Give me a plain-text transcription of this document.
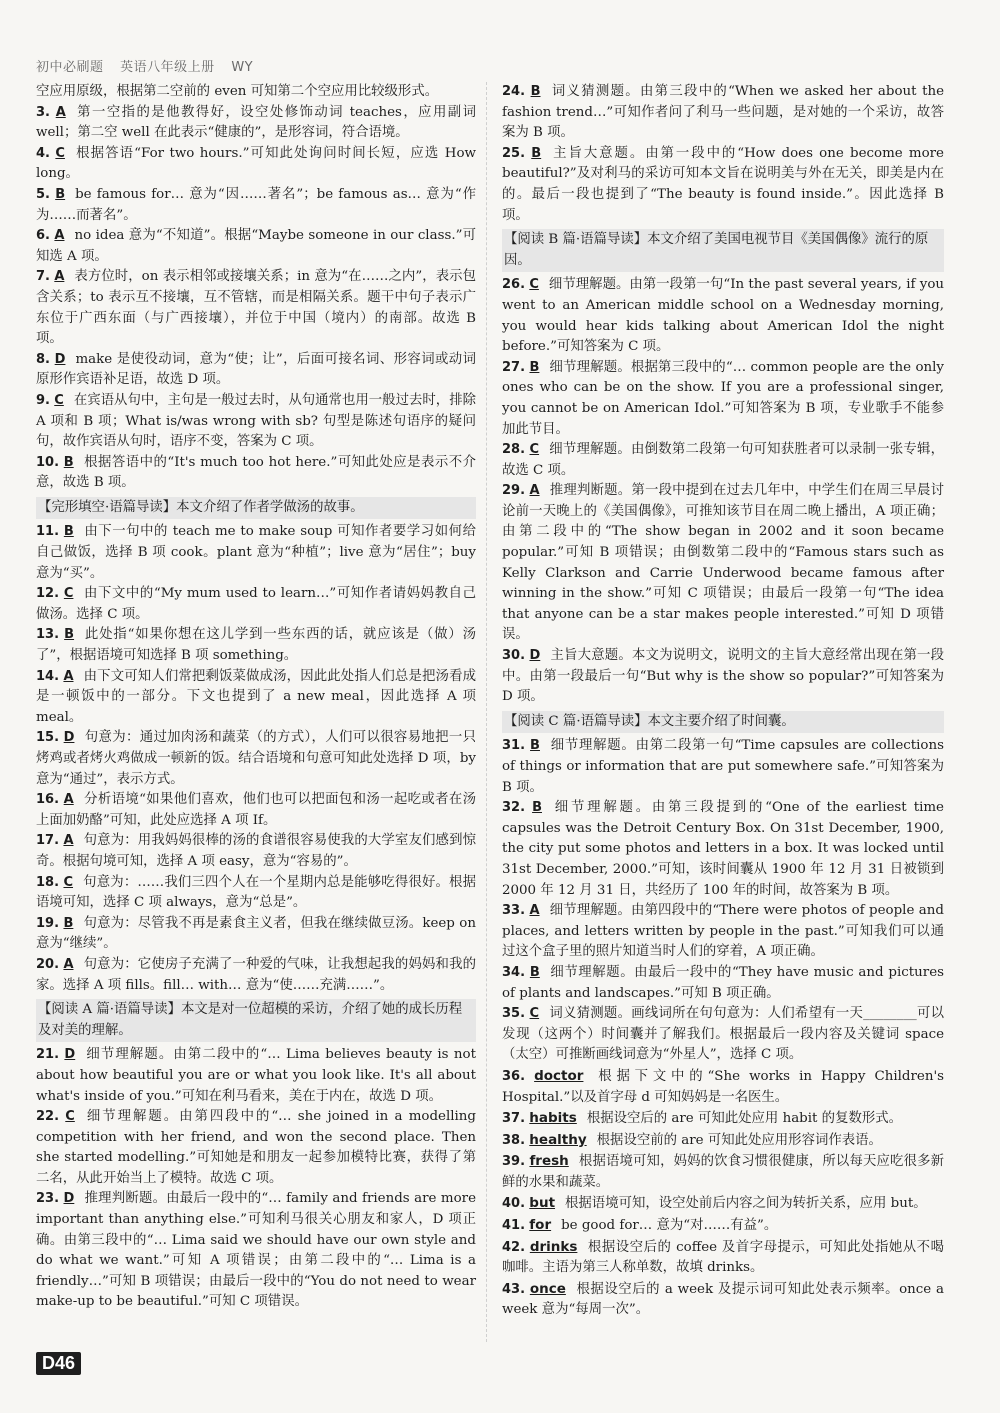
初中必刷题 英语八年级上册 WY
空应用原级，根据第二空前的 even 可知第二个空应用比较级形式。
3. A 第一空指的是他教得好，设空处修饰动词 teaches，应用副词 well；第二空 well 在此表示“健康的”，是形容词，符合语境。
4. C 根据答语“For two hours.”可知此处询问时间长短，应选 How long。
5. B be famous for… 意为“因……著名”；be famous as… 意为“作为……而著名”。
6. A no idea 意为“不知道”。根据“Maybe someone in our class.”可知选 A 项。
7. A 表方位时，on 表示相邻或接壤关系；in 意为“在……之内”，表示包含关系；to 表示互不接壤，互不管辖，而是相隔关系。题干中句子表示广东位于广西东面（与广西接壤），并位于中国（境内）的南部。故选 B 项。
8. D make 是使役动词，意为“使；让”，后面可接名词、形容词或动词原形作宾语补足语，故选 D 项。
9. C 在宾语从句中，主句是一般过去时，从句通常也用一般过去时，排除 A 项和 B 项；What is/was wrong with sb? 句型是陈述句语序的疑问句，故作宾语从句时，语序不变，答案为 C 项。
10. B 根据答语中的“It's much too hot here.”可知此处应是表示不介意，故选 B 项。
【完形填空·语篇导读】本文介绍了作者学做汤的故事。
11. B 由下一句中的 teach me to make soup 可知作者要学习如何给自己做饭，选择 B 项 cook。plant 意为“种植”；live 意为“居住”；buy 意为“买”。
12. C 由下文中的“My mum used to learn…”可知作者请妈妈教自己做汤。选择 C 项。
13. B 此处指“如果你想在这儿学到一些东西的话，就应该是（做）汤了”，根据语境可知选择 B 项 something。
14. A 由下文可知人们常把剩饭菜做成汤，因此此处指人们总是把汤看成是一顿饭中的一部分。下文也提到了 a new meal，因此选择 A 项 meal。
15. D 句意为：通过加肉汤和蔬菜（的方式），人们可以很容易地把一只烤鸡或者烤火鸡做成一顿新的饭。结合语境和句意可知此处选择 D 项，by 意为“通过”，表示方式。
16. A 分析语境“如果他们喜欢，他们也可以把面包和汤一起吃或者在汤上面加奶酪”可知，此处应选择 A 项 If。
17. A 句意为：用我妈妈很棒的汤的食谱很容易使我的大学室友们感到惊奇。根据句境可知，选择 A 项 easy，意为“容易的”。
18. C 句意为：……我们三四个人在一个星期内总是能够吃得很好。根据语境可知，选择 C 项 always，意为“总是”。
19. B 句意为：尽管我不再是素食主义者，但我在继续做豆汤。keep on 意为“继续”。
20. A 句意为：它使房子充满了一种爱的气味，让我想起我的妈妈和我的家。选择 A 项 fills。fill… with… 意为“使……充满……”。
【阅读 A 篇·语篇导读】本文是对一位超模的采访，介绍了她的成长历程及对美的理解。
21. D 细节理解题。由第二段中的“… Lima believes beauty is not about how beautiful you are or what you look like. It's all about what's inside of you.”可知在利马看来，美在于内在，故选 D 项。
22. C 细节理解题。由第四段中的“… she joined in a modelling competition with her friend, and won the second place. Then she started modelling.”可知她是和朋友一起参加模特比赛，获得了第二名，从此开始当上了模特。故选 C 项。
23. D 推理判断题。由最后一段中的“… family and friends are more important than anything else.”可知利马很关心朋友和家人，D 项正确。由第三段中的“… Lima said we should have our own style and do what we want.”可知 A 项错误；由第二段中的“… Lima is a friendly…”可知 B 项错误；由最后一段中的“You do not need to wear make-up to be beautiful.”可知 C 项错误。
24. B 词义猜测题。由第三段中的“When we asked her about the fashion trend…”可知作者问了利马一些问题，是对她的一个采访，故答案为 B 项。
25. B 主旨大意题。由第一段中的“How does one become more beautiful?”及对利马的采访可知本文旨在说明美与外在无关，即美是内在的。最后一段也提到了“The beauty is found inside.”。因此选择 B 项。
【阅读 B 篇·语篇导读】本文介绍了美国电视节目《美国偶像》流行的原因。
26. C 细节理解题。由第一段第一句“In the past several years, if you went to an American middle school on a Wednesday morning, you would hear kids talking about American Idol the night before.”可知答案为 C 项。
27. B 细节理解题。根据第三段中的“… common people are the only ones who can be on the show. If you are a professional singer, you cannot be on American Idol.”可知答案为 B 项，专业歌手不能参加此节目。
28. C 细节理解题。由倒数第二段第一句可知获胜者可以录制一张专辑，故选 C 项。
29. A 推理判断题。第一段中提到在过去几年中，中学生们在周三早晨讨论前一天晚上的《美国偶像》，可推知该节目在周二晚上播出，A 项正确；由第二段中的“The show began in 2002 and it soon became popular.”可知 B 项错误；由倒数第二段中的“Famous stars such as Kelly Clarkson and Carrie Underwood became famous after winning in the show.”可知 C 项错误；由最后一段第一句“The idea that anyone can be a star makes people interested.”可知 D 项错误。
30. D 主旨大意题。本文为说明文，说明文的主旨大意经常出现在第一段中。由第一段最后一句“But why is the show so popular?”可知答案为 D 项。
【阅读 C 篇·语篇导读】本文主要介绍了时间囊。
31. B 细节理解题。由第二段第一句“Time capsules are collections of things or information that are put somewhere safe.”可知答案为 B 项。
32. B 细节理解题。由第三段提到的“One of the earliest time capsules was the Detroit Century Box. On 31st December, 1900, the city put some photos and letters in a box. It was locked until 31st December, 2000.”可知，该时间囊从 1900 年 12 月 31 日被锁到 2000 年 12 月 31 日，共经历了 100 年的时间，故答案为 B 项。
33. A 细节理解题。由第四段中的“There were photos of people and places, and letters written by people in the past.”可知我们可以通过这个盒子里的照片知道当时人们的穿着，A 项正确。
34. B 细节理解题。由最后一段中的“They have music and pictures of plants and landscapes.”可知 B 项正确。
35. C 词义猜测题。画线词所在句句意为：人们希望有一天________可以发现（这两个）时间囊并了解我们。根据最后一段内容及关键词 space（太空）可推断画线词意为“外星人”，选择 C 项。
36. doctor 根据下文中的“She works in Happy Children's Hospital.”以及首字母 d 可知妈妈是一名医生。
37. habits 根据设空后的 are 可知此处应用 habit 的复数形式。
38. healthy 根据设空前的 are 可知此处应用形容词作表语。
39. fresh 根据语境可知，妈妈的饮食习惯很健康，所以每天应吃很多新鲜的水果和蔬菜。
40. but 根据语境可知，设空处前后内容之间为转折关系，应用 but。
41. for be good for… 意为“对……有益”。
42. drinks 根据设空后的 coffee 及首字母提示，可知此处指她从不喝咖啡。主语为第三人称单数，故填 drinks。
43. once 根据设空后的 a week 及提示词可知此处表示频率。once a week 意为“每周一次”。
D46
